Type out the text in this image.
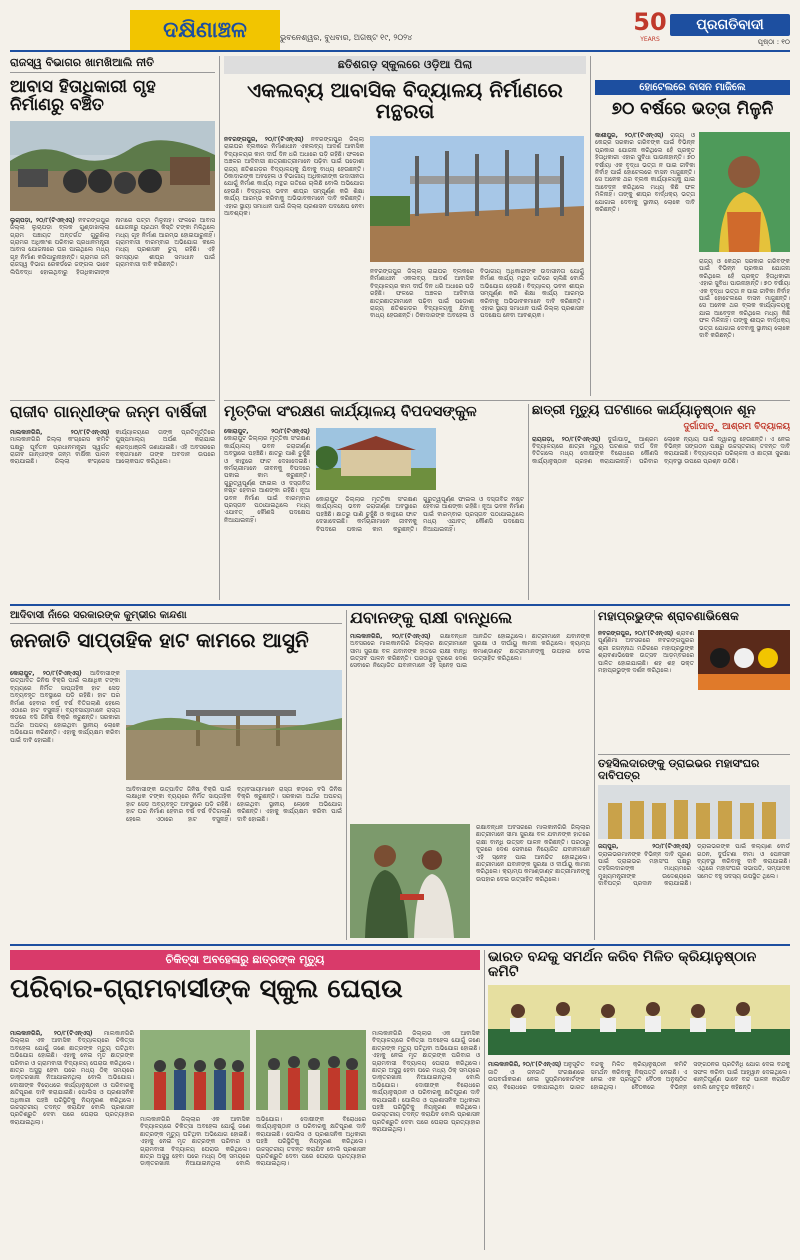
ଦକ୍ଷିଣାଞ୍ଚଳ	ଭୁବନେଶ୍ୱର, ବୁଧବାର, ଅଗଷ୍ଟ ୧୯, ୨୦୨୪
50
YEARS
ପ୍ରଗତିବାଦୀ
ପୃଷ୍ଠା : ୧୦
ରାଜସ୍ୱ ବିଭାଗର ଖାମଖିଆଲି ନୀତି
ଆବାସ ହିତାଧିକାରୀ ଗୃହ ନିର୍ମାଣରୁ ବଞ୍ଚିତ
ଲୁଚାପଡ଼ା, ୨୦/୮(ଟିଏନ୍‌ଏସ୍‌) ନବରଙ୍ଗପୁର ଜିଲ୍ଲା ଲୁଚାପଡ଼ା ବ୍ଲକ ଗୁଣ୍ଡାଖଲ୍ଲା ଗ୍ରାମ ପଞ୍ଚାୟତ ଅନ୍ତର୍ଗତ ଗୁରୁଖିଲା ଗ୍ରାମର ଅଧିକାଂଶ ପରିବାର ପ୍ରଧାନମନ୍ତ୍ରୀ ଆବାସ ଯୋଜନାରେ ଘର ପାଇଥିଲେ ମଧ୍ୟ ଗୃହ ନିର୍ମାଣ କରିପାରୁନାହାନ୍ତି। ଗ୍ରାମର ଜମି ରାଜସ୍ୱ ବିଭାଗ ରେକର୍ଡରେ ଜଙ୍ଗଲ ଭାବେ ଲିପିବଦ୍ଧ ହୋଇଥିବାରୁ ହିତାଧିକାରୀଙ୍କ ନାମରେ ପଟ୍ଟା ମିଳୁନାହିଁ। ଫଳରେ ଆବାସ ଯୋଜନାରୁ ପ୍ରଥମ କିସ୍ତି ଟଙ୍କା ମିଳିଥିଲେ ମଧ୍ୟ ଗୃହ ନିର୍ମାଣ ଆରମ୍ଭ ହୋଇପାରୁନାହିଁ। ଗ୍ରାମବାସୀ ବାରମ୍ବାର ଅଭିଯୋଗ କଲେ ମଧ୍ୟ ପ୍ରଶାସନ ଚୁପ୍ ରହିଛି। ଏହି ସମସ୍ୟାର ଶୀଘ୍ର ସମାଧାନ ପାଇଁ ଗ୍ରାମବାସୀ ଦାବି କରିଛନ୍ତି।
ରାଜୀବ ଗାନ୍ଧୀଙ୍କ ଜନ୍ମ ବାର୍ଷିକୀ
ମାଲକାନଗିରି, ୨୦/୮(ଟିଏନ୍‌ଏସ୍‌) ମାଲକାନଗିରି ଜିଲ୍ଲା କଂଗ୍ରେସ କମିଟି ପକ୍ଷରୁ ପୂର୍ବତନ ପ୍ରଧାନମନ୍ତ୍ରୀ ସ୍ୱର୍ଗତ ରାଜୀବ ଗାନ୍ଧୀଙ୍କ ଜନ୍ମ ବାର୍ଷିକୀ ପାଳନ କରାଯାଇଛି। ଜିଲ୍ଲା କଂଗ୍ରେସ କାର୍ଯ୍ୟାଳୟରେ ତାଙ୍କ ପ୍ରତିମୂର୍ତ୍ତିରେ ପୁଷ୍ପମାଲ୍ୟ ଅର୍ପଣ କରାଯାଇ ଶ୍ରଦ୍ଧାଞ୍ଜଳି ଜଣାଯାଇଛି। ଏହି ଅବସରରେ ବକ୍ତାମାନେ ତାଙ୍କ ଅବଦାନ ଉପରେ ଆଲୋକପାତ କରିଥିଲେ।
ଛତିଶଗଡ଼ ସ୍କୁଲରେ ଓଡ଼ିଆ ପିଲା
ଏକଲବ୍ୟ ଆବାସିକ ବିଦ୍ୟାଳୟ ନିର୍ମାଣରେ ମନ୍ଥରତା
ନବରଙ୍ଗପୁର, ୨୦/୮(ଟିଏନ୍‌ଏସ୍‌) ନବରଙ୍ଗପୁର ଜିଲ୍ଲା ରାଇଘର ବ୍ଲକରେ ନିର୍ମାଣାଧୀନ ଏକଲବ୍ୟ ଆଦର୍ଶ ଆବାସିକ ବିଦ୍ୟାଳୟର କାମ ଦୀର୍ଘ ଦିନ ଧରି ଅଧାରେ ପଡ଼ି ରହିଛି। ଫଳରେ ଅଞ୍ଚଳର ଆଦିବାସୀ ଛାତ୍ରଛାତ୍ରୀମାନେ ପଢ଼ିବା ପାଇଁ ପଡ଼ୋଶୀ ରାଜ୍ୟ ଛତିଶଗଡ଼ର ବିଦ୍ୟାଳୟକୁ ଯିବାକୁ ବାଧ୍ୟ ହେଉଛନ୍ତି। ଠିକାଦାରଙ୍କ ଅବହେଳା ଓ ବିଭାଗୀୟ ଅଧିକାରୀଙ୍କ ଉଦାସୀନତା ଯୋଗୁଁ ନିର୍ମାଣ କାର୍ଯ୍ୟ ମନ୍ଥର ଗତିରେ ଚାଲିଛି ବୋଲି ଅଭିଯୋଗ ହେଉଛି। ବିଦ୍ୟାଳୟ ଭବନ ଶୀଘ୍ର ସମ୍ପୂର୍ଣ୍ଣ କରି ଶିକ୍ଷା କାର୍ଯ୍ୟ ଆରମ୍ଭ କରିବାକୁ ଅଭିଭାବକମାନେ ଦାବି କରିଛନ୍ତି। ଏହାର ସ୍ଥାୟୀ ସମାଧାନ ପାଇଁ ଜିଲ୍ଲା ପ୍ରଶାସନ ପଦକ୍ଷେପ ନେବା ଆବଶ୍ୟକ।
ନବରଙ୍ଗପୁର ଜିଲ୍ଲା ରାଇଘର ବ୍ଲକରେ ନିର୍ମାଣାଧୀନ ଏକଲବ୍ୟ ଆଦର୍ଶ ଆବାସିକ ବିଦ୍ୟାଳୟର କାମ ଦୀର୍ଘ ଦିନ ଧରି ଅଧାରେ ପଡ଼ି ରହିଛି। ଫଳରେ ଅଞ୍ଚଳର ଆଦିବାସୀ ଛାତ୍ରଛାତ୍ରୀମାନେ ପଢ଼ିବା ପାଇଁ ପଡ଼ୋଶୀ ରାଜ୍ୟ ଛତିଶଗଡ଼ର ବିଦ୍ୟାଳୟକୁ ଯିବାକୁ ବାଧ୍ୟ ହେଉଛନ୍ତି। ଠିକାଦାରଙ୍କ ଅବହେଳା ଓ ବିଭାଗୀୟ ଅଧିକାରୀଙ୍କ ଉଦାସୀନତା ଯୋଗୁଁ ନିର୍ମାଣ କାର୍ଯ୍ୟ ମନ୍ଥର ଗତିରେ ଚାଲିଛି ବୋଲି ଅଭିଯୋଗ ହେଉଛି। ବିଦ୍ୟାଳୟ ଭବନ ଶୀଘ୍ର ସମ୍ପୂର୍ଣ୍ଣ କରି ଶିକ୍ଷା କାର୍ଯ୍ୟ ଆରମ୍ଭ କରିବାକୁ ଅଭିଭାବକମାନେ ଦାବି କରିଛନ୍ତି। ଏହାର ସ୍ଥାୟୀ ସମାଧାନ ପାଇଁ ଜିଲ୍ଲା ପ୍ରଶାସନ ପଦକ୍ଷେପ ନେବା ଆବଶ୍ୟକ।
ହୋଟେଲରେ ବାସନ ମାଜିଲେ
୭୦ ବର୍ଷରେ ଭତ୍ତା ମିଳୁନି
କାଶୀପୁର, ୨୦/୮(ଟିଏନ୍‌ଏସ୍‌) ରାଜ୍ୟ ଓ କେନ୍ଦ୍ର ସରକାର ଗରିବଙ୍କ ପାଇଁ ବିଭିନ୍ନ ପ୍ରକାର ଯୋଜନା କରିଥିଲେ ହେଁ ପ୍ରକୃତ ହିତାଧିକାରୀ ଏହାର ସୁବିଧା ପାଉନାହାନ୍ତି। ୭୦ ବର୍ଷୀୟା ଏକ ବୃଦ୍ଧା ଭତ୍ତା ନ ପାଇ ଜୀବିକା ନିର୍ବାହ ପାଇଁ ହୋଟେଲରେ ବାସନ ମାଜୁଛନ୍ତି। ସେ ଅନେକ ଥର ବ୍ଲକ କାର୍ଯ୍ୟାଳୟକୁ ଯାଇ ଆବେଦନ କରିଥିଲେ ମଧ୍ୟ କିଛି ଫଳ ମିଳିନାହିଁ। ତାଙ୍କୁ ଶୀଘ୍ର ବାର୍ଦ୍ଧକ୍ୟ ଭତ୍ତା ଯୋଗାଇ ଦେବାକୁ ସ୍ଥାନୀୟ ଲୋକେ ଦାବି କରିଛନ୍ତି।
ରାଜ୍ୟ ଓ କେନ୍ଦ୍ର ସରକାର ଗରିବଙ୍କ ପାଇଁ ବିଭିନ୍ନ ପ୍ରକାର ଯୋଜନା କରିଥିଲେ ହେଁ ପ୍ରକୃତ ହିତାଧିକାରୀ ଏହାର ସୁବିଧା ପାଉନାହାନ୍ତି। ୭୦ ବର୍ଷୀୟା ଏକ ବୃଦ୍ଧା ଭତ୍ତା ନ ପାଇ ଜୀବିକା ନିର୍ବାହ ପାଇଁ ହୋଟେଲରେ ବାସନ ମାଜୁଛନ୍ତି। ସେ ଅନେକ ଥର ବ୍ଲକ କାର୍ଯ୍ୟାଳୟକୁ ଯାଇ ଆବେଦନ କରିଥିଲେ ମଧ୍ୟ କିଛି ଫଳ ମିଳିନାହିଁ। ତାଙ୍କୁ ଶୀଘ୍ର ବାର୍ଦ୍ଧକ୍ୟ ଭତ୍ତା ଯୋଗାଇ ଦେବାକୁ ସ୍ଥାନୀୟ ଲୋକେ ଦାବି କରିଛନ୍ତି।
ମୃତ୍ତିକା ସଂରକ୍ଷଣ କାର୍ଯ୍ୟାଳୟ ବିପଦସଙ୍କୁଳ
କୋରାପୁଟ, ୨୦/୮(ଟିଏନ୍‌ଏସ୍‌) କୋରାପୁଟ ଜିଲ୍ଲାର ମୃତ୍ତିକା ସଂରକ୍ଷଣ କାର୍ଯ୍ୟାଳୟ ଭବନ ଜରାଜୀର୍ଣ୍ଣ ଅବସ୍ଥାରେ ପହଞ୍ଚିଛି। ଛାତରୁ ପାଣି ଚୁହୁଁଛି ଓ କାନ୍ଥରେ ଫାଟ ଦେଖାଦେଇଛି। କର୍ମଚାରୀମାନେ ଜୀବନକୁ ବିପଦରେ ପକାଇ କାମ କରୁଛନ୍ତି। ଗୁରୁତ୍ୱପୂର୍ଣ୍ଣ ଫାଇଲ ଓ ଦସ୍ତାବିଜ ନଷ୍ଟ ହେବାର ଆଶଙ୍କା ରହିଛି। ନୂଆ ଭବନ ନିର୍ମାଣ ପାଇଁ ବାରମ୍ବାର ପ୍ରସ୍ତାବ ପଠାଯାଇଥିଲେ ମଧ୍ୟ ଏଯାବତ୍ କୌଣସି ପଦକ୍ଷେପ ନିଆଯାଇନାହିଁ।
କୋରାପୁଟ ଜିଲ୍ଲାର ମୃତ୍ତିକା ସଂରକ୍ଷଣ କାର୍ଯ୍ୟାଳୟ ଭବନ ଜରାଜୀର୍ଣ୍ଣ ଅବସ୍ଥାରେ ପହଞ୍ଚିଛି। ଛାତରୁ ପାଣି ଚୁହୁଁଛି ଓ କାନ୍ଥରେ ଫାଟ ଦେଖାଦେଇଛି। କର୍ମଚାରୀମାନେ ଜୀବନକୁ ବିପଦରେ ପକାଇ କାମ କରୁଛନ୍ତି। ଗୁରୁତ୍ୱପୂର୍ଣ୍ଣ ଫାଇଲ ଓ ଦସ୍ତାବିଜ ନଷ୍ଟ ହେବାର ଆଶଙ୍କା ରହିଛି। ନୂଆ ଭବନ ନିର୍ମାଣ ପାଇଁ ବାରମ୍ବାର ପ୍ରସ୍ତାବ ପଠାଯାଇଥିଲେ ମଧ୍ୟ ଏଯାବତ୍ କୌଣସି ପଦକ୍ଷେପ ନିଆଯାଇନାହିଁ।
ଛାତ୍ରୀ ମୃତ୍ୟୁ ଘଟଣାରେ କାର୍ଯ୍ୟାନୁଷ୍ଠାନ ଶୂନ
ଦୁର୍ଗାପାଡ଼ୁ ଆଶ୍ରମ ବିଦ୍ୟାଳୟ
ରାୟଗଡ଼ା, ୨୦/୮(ଟିଏନ୍‌ଏସ୍‌) ଦୁର୍ଗାପାଡ଼ୁ ଆଶ୍ରମ ବିଦ୍ୟାଳୟରେ ଛାତ୍ରୀ ମୃତ୍ୟୁ ଘଟଣାର ଦୀର୍ଘ ଦିନ ବିତିଗଲେ ମଧ୍ୟ ଦୋଷୀଙ୍କ ବିରୋଧରେ କୌଣସି କାର୍ଯ୍ୟାନୁଷ୍ଠାନ ଗ୍ରହଣ କରାଯାଇନାହିଁ। ପରିବାର ଲୋକେ ନ୍ୟାୟ ପାଇଁ ଦ୍ୱାରସ୍ଥ ହେଉଛନ୍ତି। ଏ ନେଇ ବିଭିନ୍ନ ସଙ୍ଗଠନ ପକ୍ଷରୁ ଉଚ୍ଚସ୍ତରୀୟ ତଦନ୍ତ ଦାବି କରାଯାଇଛି। ବିଦ୍ୟାଳୟର ପରିଚାଳନା ଓ ଛାତ୍ରୀ ସୁରକ୍ଷା ବ୍ୟବସ୍ଥା ଉପରେ ପ୍ରଶ୍ନ ଉଠିଛି।
ଆଦିବାସୀ ନାଁରେ ସରକାରଙ୍କ କୁମ୍ଭୀର କାନ୍ଦଣା
ଜନଜାତି ସାପ୍ତାହିକ ହାଟ କାମରେ ଆସୁନି
କୋରାପୁଟ, ୨୦/୮(ଟିଏନ୍‌ଏସ୍‌) ଆଦିବାସୀଙ୍କ ଉତ୍ପାଦିତ ଜିନିଷ ବିକ୍ରି ପାଇଁ ଲକ୍ଷାଧିକ ଟଙ୍କା ବ୍ୟୟରେ ନିର୍ମିତ ସାପ୍ତାହିକ ହାଟ ସେଡ଼ ଅବ୍ୟବହୃତ ଅବସ୍ଥାରେ ପଡ଼ି ରହିଛି। ହାଟ ଘର ନିର୍ମାଣ ହେବାର ବର୍ଷ ବର୍ଷ ବିତିଗଲାଣି ହେଲେ ଏଠାରେ ହାଟ ବସୁନାହିଁ। ବ୍ୟବସାୟୀମାନେ ରାସ୍ତା କଡ଼ରେ ବସି ଜିନିଷ ବିକ୍ରି କରୁଛନ୍ତି। ସରକାରୀ ଅର୍ଥର ଅପଚୟ ହୋଇଥିବା ସ୍ଥାନୀୟ ଲୋକେ ଅଭିଯୋଗ କରିଛନ୍ତି। ଏହାକୁ କାର୍ଯ୍ୟକ୍ଷମ କରିବା ପାଇଁ ଦାବି ହୋଇଛି।
ଆଦିବାସୀଙ୍କ ଉତ୍ପାଦିତ ଜିନିଷ ବିକ୍ରି ପାଇଁ ଲକ୍ଷାଧିକ ଟଙ୍କା ବ୍ୟୟରେ ନିର୍ମିତ ସାପ୍ତାହିକ ହାଟ ସେଡ଼ ଅବ୍ୟବହୃତ ଅବସ୍ଥାରେ ପଡ଼ି ରହିଛି। ହାଟ ଘର ନିର୍ମାଣ ହେବାର ବର୍ଷ ବର୍ଷ ବିତିଗଲାଣି ହେଲେ ଏଠାରେ ହାଟ ବସୁନାହିଁ। ବ୍ୟବସାୟୀମାନେ ରାସ୍ତା କଡ଼ରେ ବସି ଜିନିଷ ବିକ୍ରି କରୁଛନ୍ତି। ସରକାରୀ ଅର୍ଥର ଅପଚୟ ହୋଇଥିବା ସ୍ଥାନୀୟ ଲୋକେ ଅଭିଯୋଗ କରିଛନ୍ତି। ଏହାକୁ କାର୍ଯ୍ୟକ୍ଷମ କରିବା ପାଇଁ ଦାବି ହୋଇଛି।
ଯବାନଙ୍କୁ ରାକ୍ଷୀ ବାନ୍ଧିଲେ
ମାଲକାନଗିରି, ୨୦/୮(ଟିଏନ୍‌ଏସ୍‌) ରକ୍ଷାବନ୍ଧନ ଅବସରରେ ମାଲକାନଗିରି ଜିଲ୍ଲାର ଛାତ୍ରୀମାନେ ସୀମା ସୁରକ୍ଷା ବଳ ଯବାନଙ୍କ ହାତରେ ରାକ୍ଷୀ ବାନ୍ଧି ଉତ୍ସବ ପାଳନ କରିଛନ୍ତି। ଘରଠାରୁ ଦୂରରେ ଦେଶ ସେବାରେ ନିୟୋଜିତ ଯବାନମାନେ ଏହି ସ୍ନେହ ପାଇ ଆନନ୍ଦିତ ହୋଇଥିଲେ। ଛାତ୍ରୀମାନେ ଯବାନଙ୍କ ସୁରକ୍ଷା ଓ ଦୀର୍ଘାୟୁ କାମନା କରିଥିଲେ। କ୍ୟାମ୍ପ କମାଣ୍ଡାଣ୍ଟ ଛାତ୍ରୀମାନଙ୍କୁ ଉପହାର ଦେଇ ଉତ୍ସାହିତ କରିଥିଲେ।
ରକ୍ଷାବନ୍ଧନ ଅବସରରେ ମାଲକାନଗିରି ଜିଲ୍ଲାର ଛାତ୍ରୀମାନେ ସୀମା ସୁରକ୍ଷା ବଳ ଯବାନଙ୍କ ହାତରେ ରାକ୍ଷୀ ବାନ୍ଧି ଉତ୍ସବ ପାଳନ କରିଛନ୍ତି। ଘରଠାରୁ ଦୂରରେ ଦେଶ ସେବାରେ ନିୟୋଜିତ ଯବାନମାନେ ଏହି ସ୍ନେହ ପାଇ ଆନନ୍ଦିତ ହୋଇଥିଲେ। ଛାତ୍ରୀମାନେ ଯବାନଙ୍କ ସୁରକ୍ଷା ଓ ଦୀର୍ଘାୟୁ କାମନା କରିଥିଲେ। କ୍ୟାମ୍ପ କମାଣ୍ଡାଣ୍ଟ ଛାତ୍ରୀମାନଙ୍କୁ ଉପହାର ଦେଇ ଉତ୍ସାହିତ କରିଥିଲେ।
ମହାପ୍ରଭୁଙ୍କ ଶ୍ରାବଣାଭିଷେକ
ନବରଙ୍ଗପୁର, ୨୦/୮(ଟିଏନ୍‌ଏସ୍‌) ଶ୍ରାବଣ ପୂର୍ଣ୍ଣିମା ଅବସରରେ ନବରଙ୍ଗପୁରର ଶ୍ରୀ ଜଗନ୍ନାଥ ମନ୍ଦିରରେ ମହାପ୍ରଭୁଙ୍କ ଶ୍ରାବଣାଭିଷେକ ଉତ୍ସବ ଆଡ଼ମ୍ବରରେ ପାଳିତ ହୋଇଯାଇଛି। ଶହ ଶହ ଭକ୍ତ ମହାପ୍ରଭୁଙ୍କ ଦର୍ଶନ କରିଥିଲେ।
ତହସିଲଦାରଙ୍କୁ ଡ୍ରାଇଭର ମହାସଂଘର ଦାବିପତ୍ର
ଜୟପୁର, ୨୦/୮(ଟିଏନ୍‌ଏସ୍‌) ଡ୍ରାଇଭରମାନଙ୍କ ବିଭିନ୍ନ ଦାବି ପୂରଣ ପାଇଁ ଡ୍ରାଇଭର ମହାସଂଘ ପକ୍ଷରୁ ତହସିଲଦାରଙ୍କ ମାଧ୍ୟମରେ ମୁଖ୍ୟମନ୍ତ୍ରୀଙ୍କ ଉଦ୍ଦେଶ୍ୟରେ ଦାବିପତ୍ର ପ୍ରଦାନ କରାଯାଇଛି। ଡ୍ରାଇଭରଙ୍କ ପାଇଁ କଲ୍ୟାଣ ବୋର୍ଡ ଗଠନ, ଦୁର୍ଘଟଣା ବୀମା ଓ ପେନସନ ବ୍ୟବସ୍ଥା କରିବାକୁ ଦାବି କରାଯାଇଛି। ଏଥିରେ ମହାସଂଘର ସଭାପତି, ସମ୍ପାଦକ ସମେତ ବହୁ ସଦସ୍ୟ ଉପସ୍ଥିତ ଥିଲେ।
ଚିକିତ୍ସା ଅବହେଳାରୁ ଛାତ୍ରଙ୍କ ମୃତ୍ୟୁ
ପରିବାର-ଗ୍ରାମବାସୀଙ୍କ ସ୍କୁଲ ଘେରାଉ
ମାଲକାନଗିରି, ୨୦/୮(ଟିଏନ୍‌ଏସ୍‌) ମାଲକାନଗିରି ଜିଲ୍ଲାର ଏକ ଆବାସିକ ବିଦ୍ୟାଳୟରେ ଚିକିତ୍ସା ଅବହେଳା ଯୋଗୁଁ ଜଣେ ଛାତ୍ରଙ୍କ ମୃତ୍ୟୁ ଘଟିଥିବା ଅଭିଯୋଗ ହୋଇଛି। ଏହାକୁ ନେଇ ମୃତ ଛାତ୍ରଙ୍କ ପରିବାର ଓ ଗ୍ରାମବାସୀ ବିଦ୍ୟାଳୟ ଘେରାଉ କରିଥିଲେ। ଛାତ୍ର ଅସୁସ୍ଥ ହେବା ପରେ ମଧ୍ୟ ଠିକ୍ ସମୟରେ ଡାକ୍ତରଖାନା ନିଆଯାଇନଥିଲା ବୋଲି ଅଭିଯୋଗ। ଦୋଷୀଙ୍କ ବିରୋଧରେ କାର୍ଯ୍ୟାନୁଷ୍ଠାନ ଓ ପରିବାରକୁ କ୍ଷତିପୂରଣ ଦାବି କରାଯାଇଛି। ପୋଲିସ ଓ ପ୍ରଶାସନିକ ଅଧିକାରୀ ପହଞ୍ଚି ପରିସ୍ଥିତିକୁ ନିୟନ୍ତ୍ରଣ କରିଥିଲେ। ଉଚ୍ଚସ୍ତରୀୟ ତଦନ୍ତ କରାଯିବ ବୋଲି ପ୍ରଶାସନ ପ୍ରତିଶ୍ରୁତି ଦେବା ପରେ ଘେରାଉ ପ୍ରତ୍ୟାହାର କରାଯାଇଥିଲା।	ମାଲକାନଗିରି ଜିଲ୍ଲାର ଏକ ଆବାସିକ ବିଦ୍ୟାଳୟରେ ଚିକିତ୍ସା ଅବହେଳା ଯୋଗୁଁ ଜଣେ ଛାତ୍ରଙ୍କ ମୃତ୍ୟୁ ଘଟିଥିବା ଅଭିଯୋଗ ହୋଇଛି। ଏହାକୁ ନେଇ ମୃତ ଛାତ୍ରଙ୍କ ପରିବାର ଓ ଗ୍ରାମବାସୀ ବିଦ୍ୟାଳୟ ଘେରାଉ କରିଥିଲେ। ଛାତ୍ର ଅସୁସ୍ଥ ହେବା ପରେ ମଧ୍ୟ ଠିକ୍ ସମୟରେ ଡାକ୍ତରଖାନା ନିଆଯାଇନଥିଲା ବୋଲି ଅଭିଯୋଗ। ଦୋଷୀଙ୍କ ବିରୋଧରେ କାର୍ଯ୍ୟାନୁଷ୍ଠାନ ଓ ପରିବାରକୁ କ୍ଷତିପୂରଣ ଦାବି କରାଯାଇଛି। ପୋଲିସ ଓ ପ୍ରଶାସନିକ ଅଧିକାରୀ ପହଞ୍ଚି ପରିସ୍ଥିତିକୁ ନିୟନ୍ତ୍ରଣ କରିଥିଲେ। ଉଚ୍ଚସ୍ତରୀୟ ତଦନ୍ତ କରାଯିବ ବୋଲି ପ୍ରଶାସନ ପ୍ରତିଶ୍ରୁତି ଦେବା ପରେ ଘେରାଉ ପ୍ରତ୍ୟାହାର କରାଯାଇଥିଲା।
ମାଲକାନଗିରି ଜିଲ୍ଲାର ଏକ ଆବାସିକ ବିଦ୍ୟାଳୟରେ ଚିକିତ୍ସା ଅବହେଳା ଯୋଗୁଁ ଜଣେ ଛାତ୍ରଙ୍କ ମୃତ୍ୟୁ ଘଟିଥିବା ଅଭିଯୋଗ ହୋଇଛି। ଏହାକୁ ନେଇ ମୃତ ଛାତ୍ରଙ୍କ ପରିବାର ଓ ଗ୍ରାମବାସୀ ବିଦ୍ୟାଳୟ ଘେରାଉ କରିଥିଲେ। ଛାତ୍ର ଅସୁସ୍ଥ ହେବା ପରେ ମଧ୍ୟ ଠିକ୍ ସମୟରେ ଡାକ୍ତରଖାନା ନିଆଯାଇନଥିଲା ବୋଲି ଅଭିଯୋଗ। ଦୋଷୀଙ୍କ ବିରୋଧରେ କାର୍ଯ୍ୟାନୁଷ୍ଠାନ ଓ ପରିବାରକୁ କ୍ଷତିପୂରଣ ଦାବି କରାଯାଇଛି। ପୋଲିସ ଓ ପ୍ରଶାସନିକ ଅଧିକାରୀ ପହଞ୍ଚି ପରିସ୍ଥିତିକୁ ନିୟନ୍ତ୍ରଣ କରିଥିଲେ। ଉଚ୍ଚସ୍ତରୀୟ ତଦନ୍ତ କରାଯିବ ବୋଲି ପ୍ରଶାସନ ପ୍ରତିଶ୍ରୁତି ଦେବା ପରେ ଘେରାଉ ପ୍ରତ୍ୟାହାର କରାଯାଇଥିଲା।
ଭାରତ ବନ୍ଦକୁ ସମର୍ଥନ କରିବ ମିଳିତ କ୍ରିୟାନୁଷ୍ଠାନ କମିଟି
ମାଲକାନଗିରି, ୨୦/୮(ଟିଏନ୍‌ଏସ୍‌) ଅନୁସୂଚିତ ଜାତି ଓ ଜନଜାତି ସଂରକ୍ଷଣରେ ଉପବର୍ଗୀକରଣ ନେଇ ସୁପ୍ରିମକୋର୍ଟଙ୍କ ରାୟ ବିରୋଧରେ ଡକାଯାଇଥିବା ଭାରତ ବନ୍ଦକୁ ମିଳିତ କ୍ରିୟାନୁଷ୍ଠାନ କମିଟି ସମର୍ଥନ କରିବାକୁ ନିଷ୍ପତ୍ତି ନେଇଛି। ଏ ନେଇ ଏକ ପ୍ରସ୍ତୁତି ବୈଠକ ଅନୁଷ୍ଠିତ ହୋଇଥିଲା। ବୈଠକରେ ବିଭିନ୍ନ ସଙ୍ଗଠନର ପ୍ରତିନିଧି ଯୋଗ ଦେଇ ବନ୍ଦକୁ ସଫଳ କରିବା ପାଇଁ ଆହ୍ୱାନ ଦେଇଥିଲେ। ଶାନ୍ତିପୂର୍ଣ୍ଣ ଭାବେ ବନ୍ଦ ପାଳନ କରାଯିବ ବୋଲି ନେତୃବୃନ୍ଦ କହିଛନ୍ତି।
